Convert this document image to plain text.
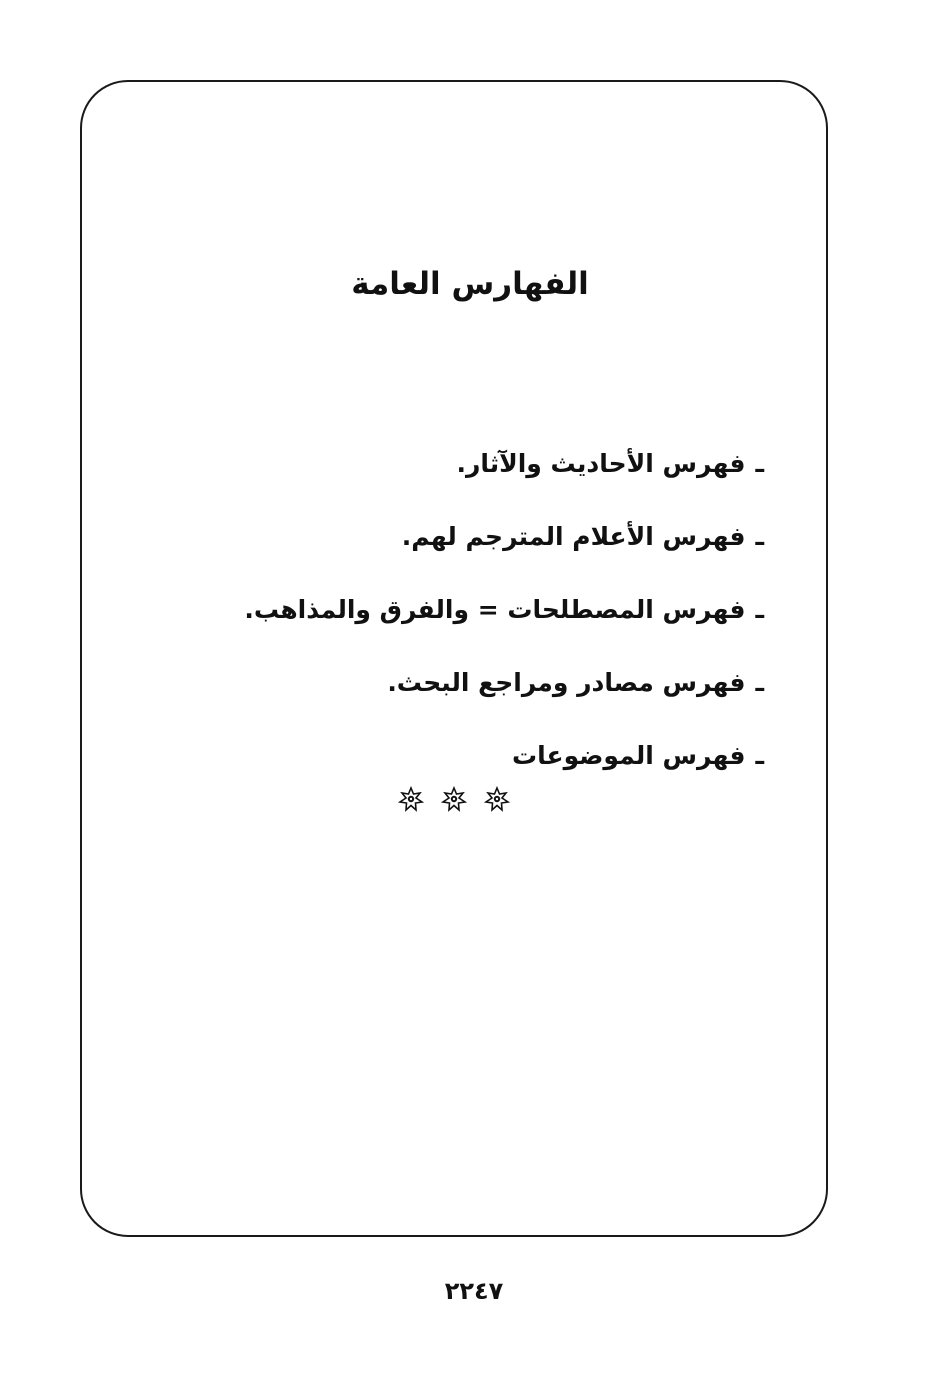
الفهارس العامة
ـفهرس الأحاديث والآثار.
ـفهرس الأعلام المترجم لهم.
ـفهرس المصطلحات = والفرق والمذاهب.
ـفهرس مصادر ومراجع البحث.
ـفهرس الموضوعات
٢٢٤٧
